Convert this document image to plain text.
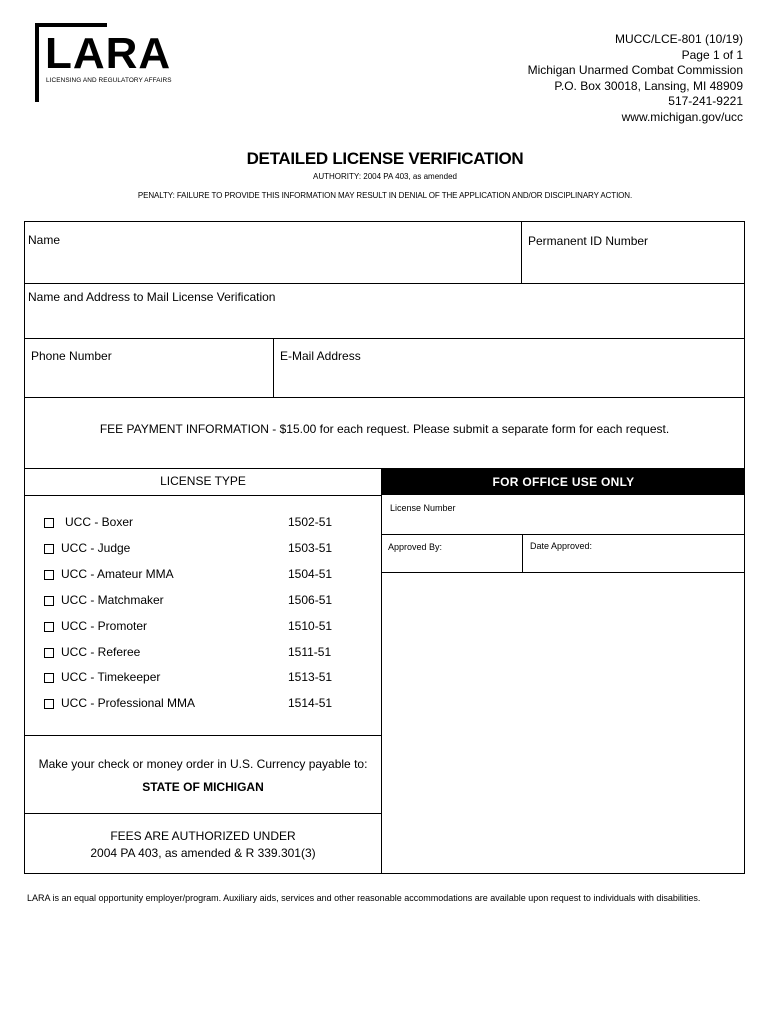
LARA
LICENSING AND REGULATORY AFFAIRS
MUCC/LCE-801 (10/19)
Page 1 of 1
Michigan Unarmed Combat Commission
P.O. Box 30018, Lansing, MI 48909
517-241-9221
www.michigan.gov/ucc
DETAILED LICENSE VERIFICATION
AUTHORITY: 2004 PA 403, as amended
PENALTY: FAILURE TO PROVIDE THIS INFORMATION MAY RESULT IN DENIAL OF THE APPLICATION AND/OR DISCIPLINARY ACTION.
Name	Permanent ID Number
Name and Address to Mail License Verification
Phone Number	E-Mail Address
FEE PAYMENT INFORMATION - $15.00 for each request. Please submit a separate form for each request.
LICENSE TYPE	FOR OFFICE USE ONLY
UCC - Boxer	1502-51
UCC - Judge	1503-51
UCC - Amateur MMA	1504-51
UCC - Matchmaker	1506-51
UCC - Promoter	1510-51
UCC - Referee	1511-51
UCC - Timekeeper	1513-51
UCC - Professional MMA	1514-51
Make your check or money order in U.S. Currency payable to:
STATE OF MICHIGAN
FEES ARE AUTHORIZED UNDER
2004 PA 403, as amended & R 339.301(3)
License Number
Approved By:	Date Approved:
LARA is an equal opportunity employer/program. Auxiliary aids, services and other reasonable accommodations are available upon request to individuals with disabilities.
